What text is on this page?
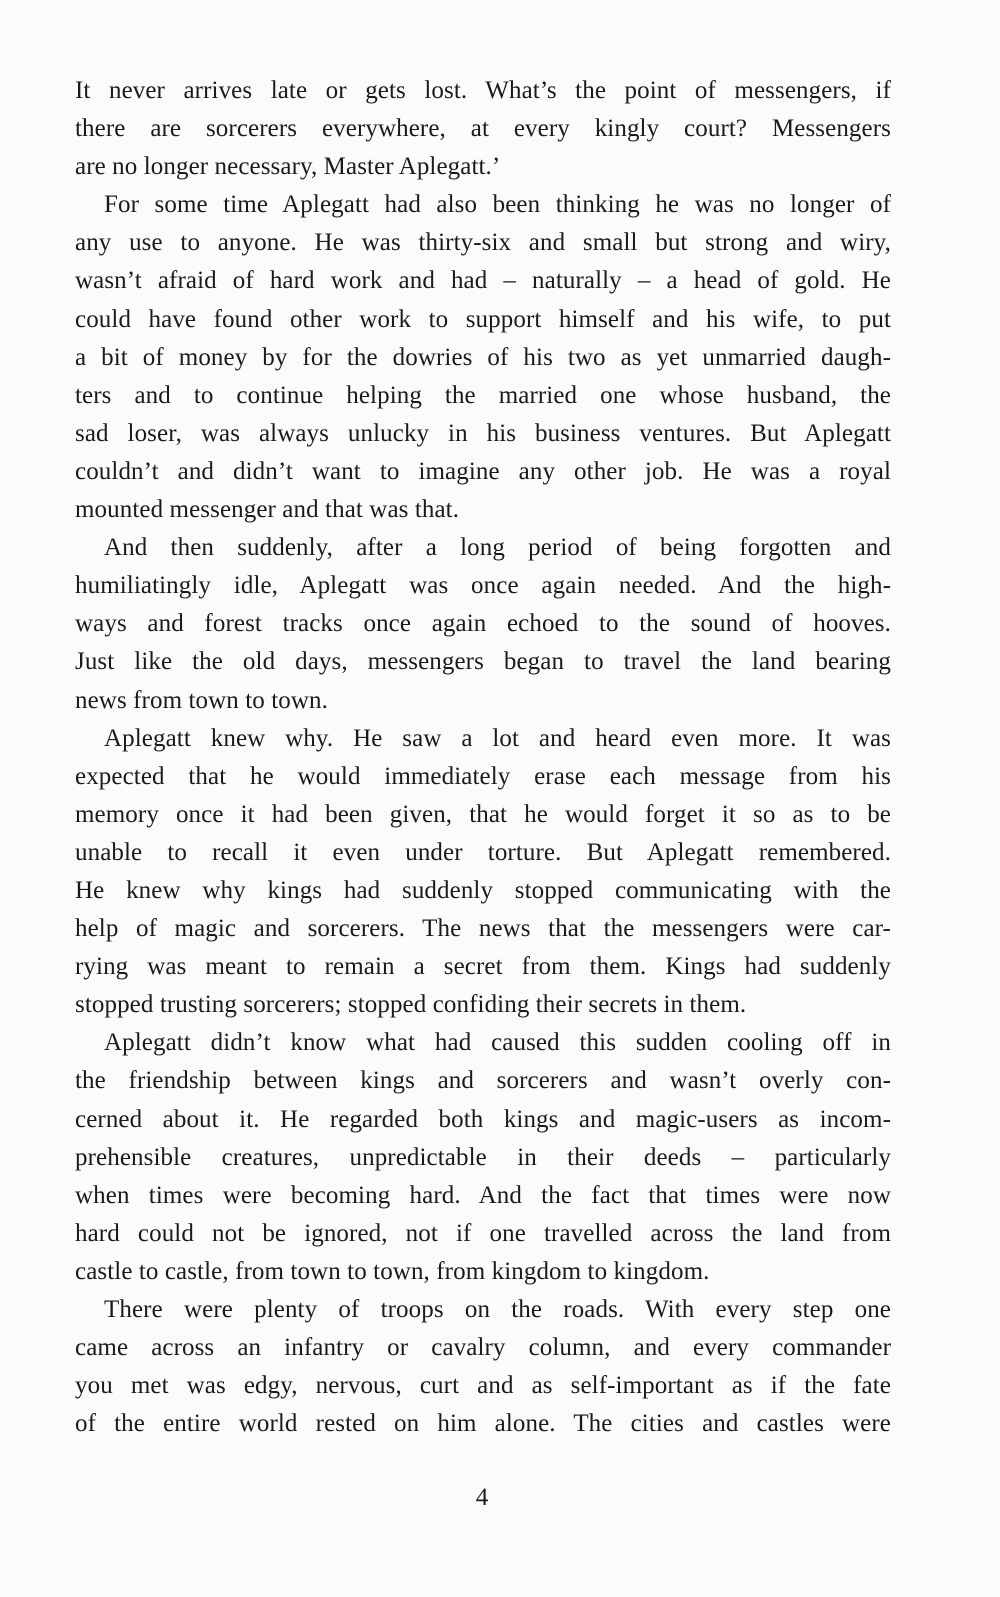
It never arrives late or gets lost. What’s the point of messengers, if
there are sorcerers everywhere, at every kingly court? Messengers
are no longer necessary, Master Aplegatt.’
For some time Aplegatt had also been thinking he was no longer of
any use to anyone. He was thirty-six and small but strong and wiry,
wasn’t afraid of hard work and had – naturally – a head of gold. He
could have found other work to support himself and his wife, to put
a bit of money by for the dowries of his two as yet unmarried daugh-
ters and to continue helping the married one whose husband, the
sad loser, was always unlucky in his business ventures. But Aplegatt
couldn’t and didn’t want to imagine any other job. He was a royal
mounted messenger and that was that.
And then suddenly, after a long period of being forgotten and
humiliatingly idle, Aplegatt was once again needed. And the high-
ways and forest tracks once again echoed to the sound of hooves.
Just like the old days, messengers began to travel the land bearing
news from town to town.
Aplegatt knew why. He saw a lot and heard even more. It was
expected that he would immediately erase each message from his
memory once it had been given, that he would forget it so as to be
unable to recall it even under torture. But Aplegatt remembered.
He knew why kings had suddenly stopped communicating with the
help of magic and sorcerers. The news that the messengers were car-
rying was meant to remain a secret from them. Kings had suddenly
stopped trusting sorcerers; stopped confiding their secrets in them.
Aplegatt didn’t know what had caused this sudden cooling off in
the friendship between kings and sorcerers and wasn’t overly con-
cerned about it. He regarded both kings and magic-users as incom-
prehensible creatures, unpredictable in their deeds – particularly
when times were becoming hard. And the fact that times were now
hard could not be ignored, not if one travelled across the land from
castle to castle, from town to town, from kingdom to kingdom.
There were plenty of troops on the roads. With every step one
came across an infantry or cavalry column, and every commander
you met was edgy, nervous, curt and as self-important as if the fate
of the entire world rested on him alone. The cities and castles were
4
